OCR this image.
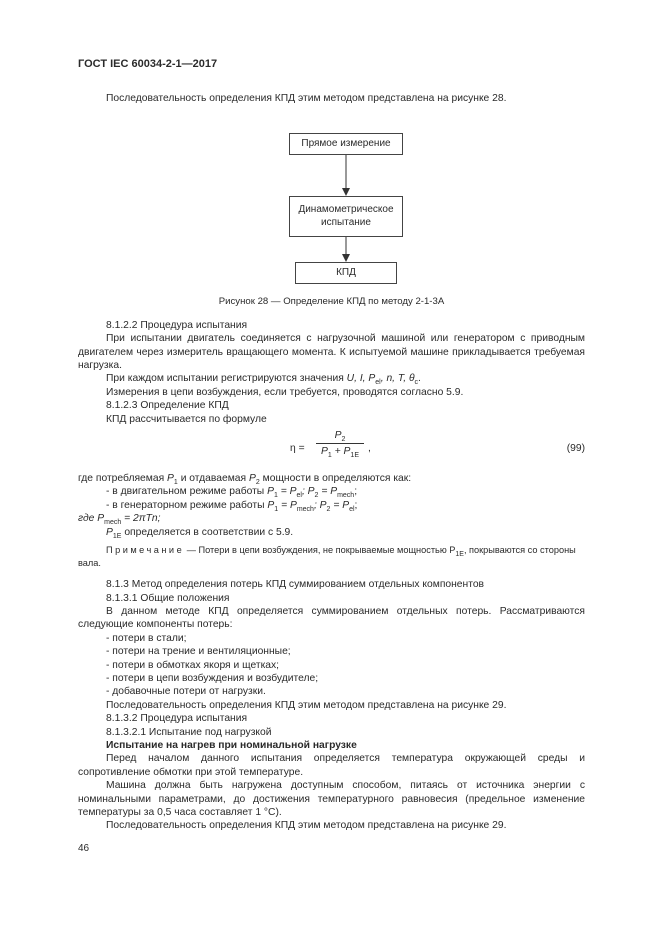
ГОСТ IEC 60034-2-1—2017

Последовательность определения КПД этим методом представлена на рисунке 28.

Прямое измерение
Динамометрическое
испытание
КПД

Рисунок 28 — Определение КПД по методу 2-1-3A

8.1.2.2 Процедура испытания

При испытании двигатель соединяется с нагрузочной машиной или генератором с приводным двигателем через измеритель вращающего момента. К испытуемой машине прикладывается требуемая нагрузка.

При каждом испытании регистрируются значения U, I, $P_{el}$, n, T, $\theta_c$.

Измерения в цепи возбуждения, если требуется, проводятся согласно 5.9.

8.1.2.3 Определение КПД

КПД рассчитывается по формуле

$\eta = \frac{P_2}{P_1 + P_{1E}}$ ,	(99)

где потребляемая $P_1$ и отдаваемая $P_2$ мощности в определяются как:

- в двигательном режиме работы $P_1 = P_{el}$; $P_2 = P_{mech}$;

- в генераторном режиме работы $P_1 = P_{mech}$; $P_2 = P_{el}$;

где $P_{mech} = 2\pi Tn$;

$P_{1E}$ определяется в соответствии с 5.9.

Примечание — Потери в цепи возбуждения, не покрываемые мощностью $P_{1E}$, покрываются со стороны вала.

8.1.3 Метод определения потерь КПД суммированием отдельных компонентов

8.1.3.1 Общие положения

В данном методе КПД определяется суммированием отдельных потерь. Рассматриваются следующие компоненты потерь:

- потери в стали;

- потери на трение и вентиляционные;

- потери в обмотках якоря и щетках;

- потери в цепи возбуждения и возбудителе;

- добавочные потери от нагрузки.

Последовательность определения КПД этим методом представлена на рисунке 29.

8.1.3.2 Процедура испытания

8.1.3.2.1 Испытание под нагрузкой

Испытание на нагрев при номинальной нагрузке

Перед началом данного испытания определяется температура окружающей среды и сопротивление обмотки при этой температуре.

Машина должна быть нагружена доступным способом, питаясь от источника энергии с номинальными параметрами, до достижения температурного равновесия (предельное изменение температуры за 0,5 часа составляет 1 °C).

Последовательность определения КПД этим методом представлена на рисунке 29.

46
